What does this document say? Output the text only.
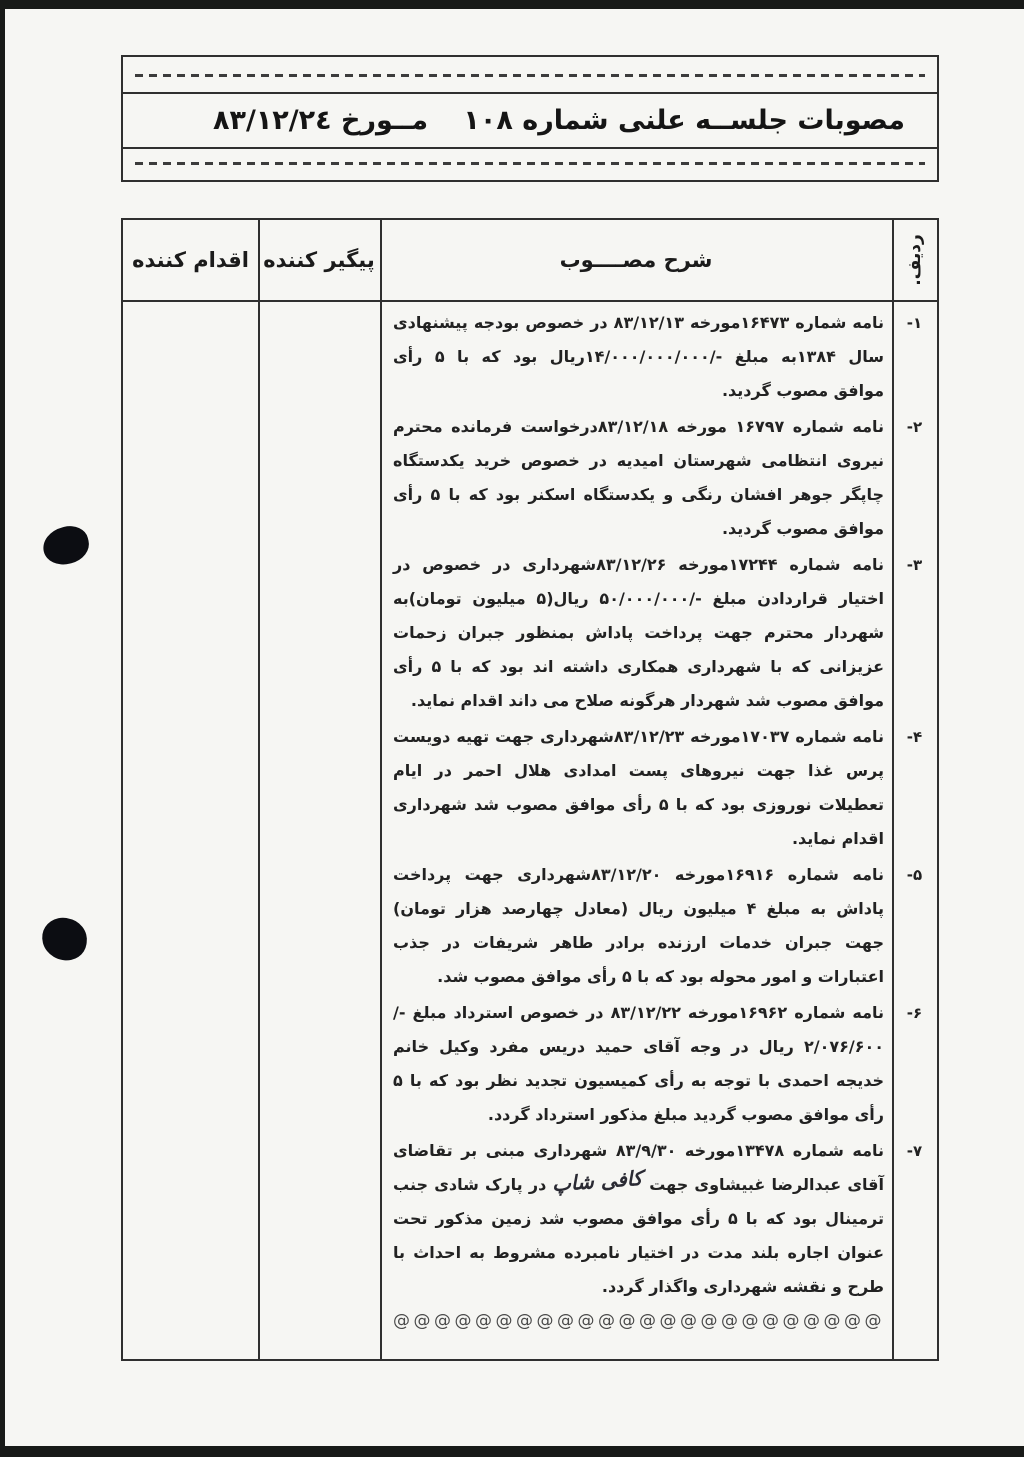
مصوبات جلســه علنی شماره ۱۰۸
مــورخ ۸۳/۱۲/۲٤
اقدام کننده پیگیر کننده	شرح مصــــوب	ردیف.
۱-
نامه شماره ۱۶۴۷۳مورخه ۸۳/۱۲/۱۳ در خصوص بودجه پیشنهادی سال ۱۳۸۴به مبلغ -/۱۴/۰۰۰/۰۰۰/۰۰۰ریال بود که با ۵ رأی موافق مصوب گردید.
۲-
نامه شماره ۱۶۷۹۷ مورخه ۸۳/۱۲/۱۸درخواست فرمانده محترم نیروی انتظامی شهرستان امیدیه در خصوص خرید یکدستگاه چاپگر جوهر افشان رنگی و یکدستگاه اسکنر بود که با ۵ رأی موافق مصوب گردید.
۳-
نامه شماره ۱۷۲۴۴مورخه ۸۳/۱۲/۲۶شهرداری در خصوص در اختیار قراردادن مبلغ -/۵۰/۰۰۰/۰۰۰ ریال(۵ میلیون تومان)به شهردار محترم جهت پرداخت پاداش بمنظور جبران زحمات عزیزانی که با شهرداری همکاری داشته اند بود که با ۵ رأی موافق مصوب شد شهردار هرگونه صلاح می داند اقدام نماید.
۴-
نامه شماره ۱۷۰۳۷مورخه ۸۳/۱۲/۲۳شهرداری جهت تهیه دویست پرس غذا جهت نیروهای پست امدادی هلال احمر در ایام تعطیلات نوروزی بود که با ۵ رأی موافق مصوب شد شهرداری اقدام نماید.
۵-
نامه شماره ۱۶۹۱۶مورخه ۸۳/۱۲/۲۰شهرداری جهت پرداخت پاداش به مبلغ ۴ میلیون ریال (معادل چهارصد هزار تومان) جهت جبران خدمات ارزنده برادر طاهر شریفات در جذب اعتبارات و امور محوله بود که با ۵ رأی موافق مصوب شد.
۶-
نامه شماره ۱۶۹۶۲مورخه ۸۳/۱۲/۲۲ در خصوص استرداد مبلغ -/۲/۰۷۶/۶۰۰ ریال در وجه آقای حمید دریس مفرد وکیل خانم خدیجه احمدی با توجه به رأی کمیسیون تجدید نظر بود که با ۵ رأی موافق مصوب گردید مبلغ مذکور استرداد گردد.
۷-
نامه شماره ۱۳۴۷۸مورخه ۸۳/۹/۳۰ شهرداری مبنی بر تقاضای آقای عبدالرضا غبیشاوی جهت کافی شاپ در پارک شادی جنب ترمینال بود که با ۵ رأی موافق مصوب شد زمین مذکور تحت عنوان اجاره بلند مدت در اختیار نامبرده مشروط به احداث با طرح و نقشه شهرداری واگذار گردد.
@@@@@@@@@@@@@@@@@@@@@@@@
